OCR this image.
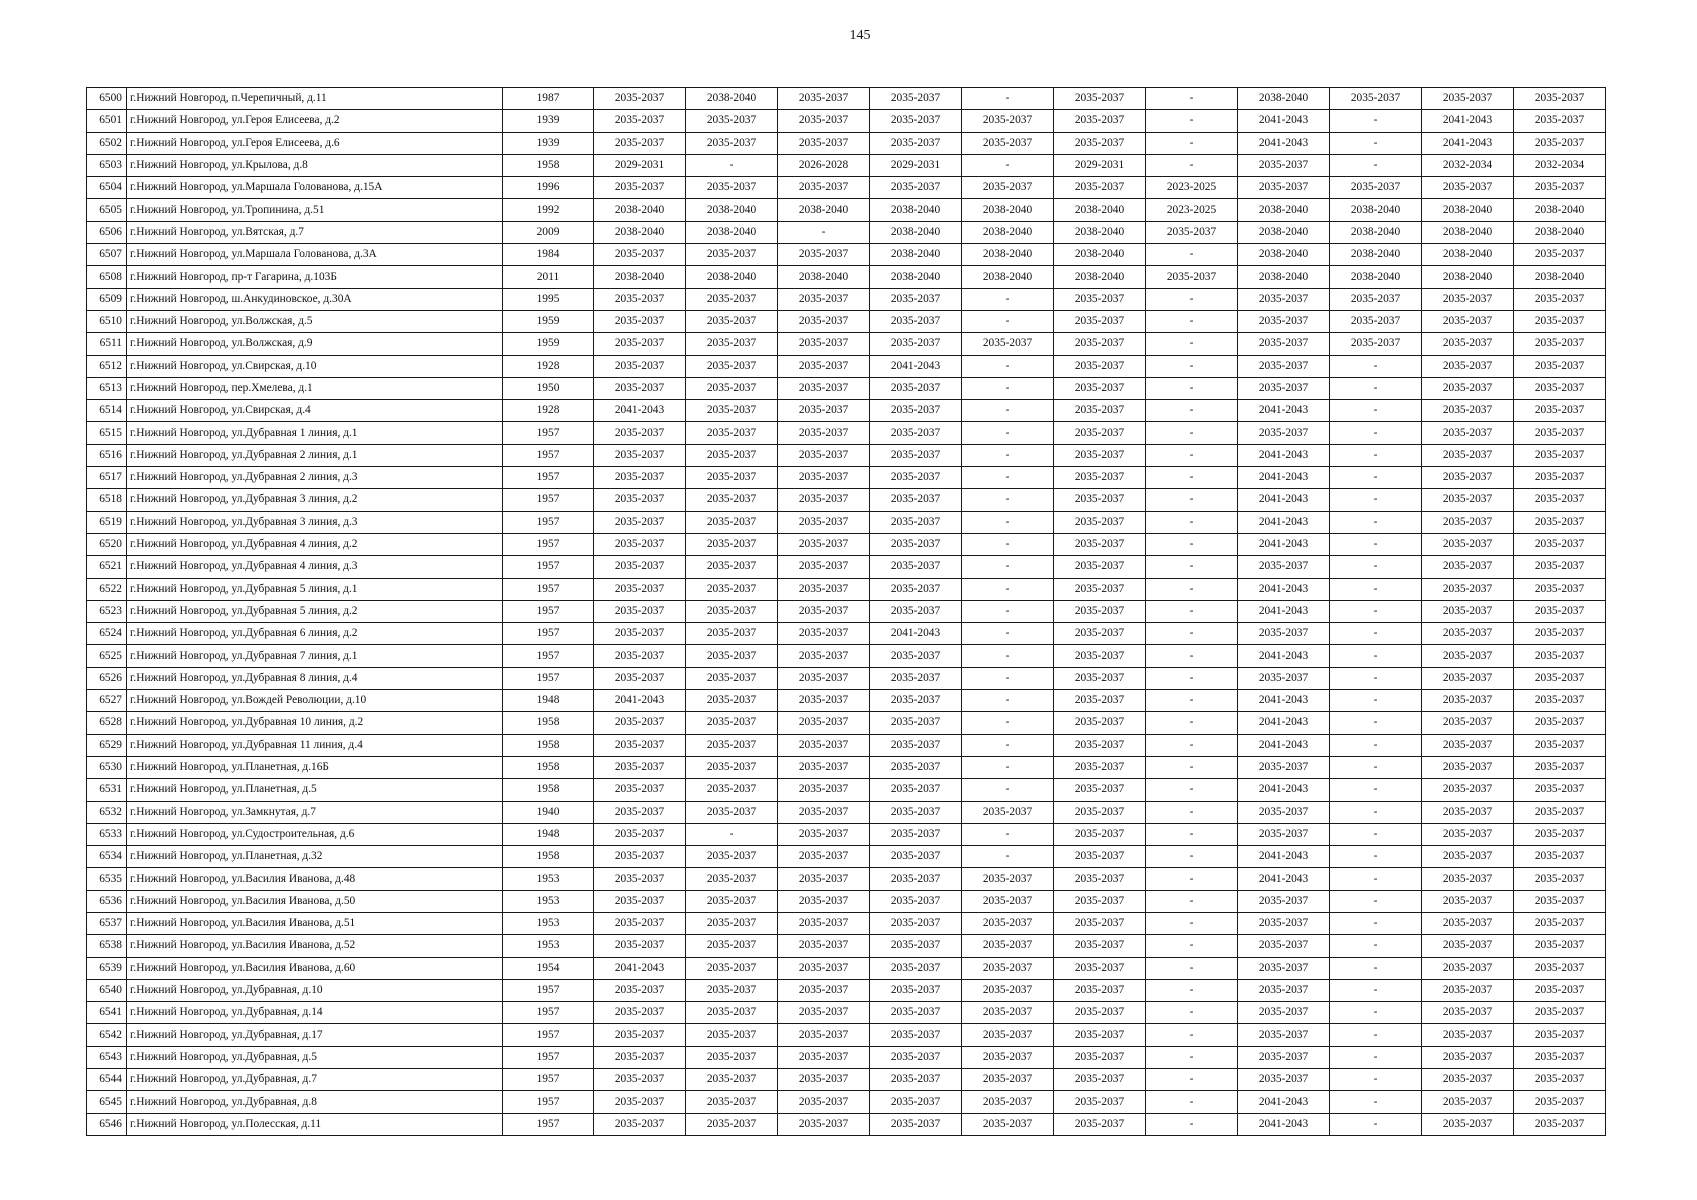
145
6500	г.Нижний Новгород, п.Черепичный, д.11	1987	2035-2037	2038-2040	2035-2037	2035-2037	-	2035-2037	-	2038-2040	2035-2037	2035-2037	2035-2037
6501	г.Нижний Новгород, ул.Героя Елисеева, д.2	1939	2035-2037	2035-2037	2035-2037	2035-2037	2035-2037	2035-2037	-	2041-2043	-	2041-2043	2035-2037
6502	г.Нижний Новгород, ул.Героя Елисеева, д.6	1939	2035-2037	2035-2037	2035-2037	2035-2037	2035-2037	2035-2037	-	2041-2043	-	2041-2043	2035-2037
6503	г.Нижний Новгород, ул.Крылова, д.8	1958	2029-2031	-	2026-2028	2029-2031	-	2029-2031	-	2035-2037	-	2032-2034	2032-2034
6504	г.Нижний Новгород, ул.Маршала Голованова, д.15А	1996	2035-2037	2035-2037	2035-2037	2035-2037	2035-2037	2035-2037	2023-2025	2035-2037	2035-2037	2035-2037	2035-2037
6505	г.Нижний Новгород, ул.Тропинина, д.51	1992	2038-2040	2038-2040	2038-2040	2038-2040	2038-2040	2038-2040	2023-2025	2038-2040	2038-2040	2038-2040	2038-2040
6506	г.Нижний Новгород, ул.Вятская, д.7	2009	2038-2040	2038-2040	-	2038-2040	2038-2040	2038-2040	2035-2037	2038-2040	2038-2040	2038-2040	2038-2040
6507	г.Нижний Новгород, ул.Маршала Голованова, д.3А	1984	2035-2037	2035-2037	2035-2037	2038-2040	2038-2040	2038-2040	-	2038-2040	2038-2040	2038-2040	2035-2037
6508	г.Нижний Новгород, пр-т Гагарина, д.103Б	2011	2038-2040	2038-2040	2038-2040	2038-2040	2038-2040	2038-2040	2035-2037	2038-2040	2038-2040	2038-2040	2038-2040
6509	г.Нижний Новгород, ш.Анкудиновское, д.30А	1995	2035-2037	2035-2037	2035-2037	2035-2037	-	2035-2037	-	2035-2037	2035-2037	2035-2037	2035-2037
6510	г.Нижний Новгород, ул.Волжская, д.5	1959	2035-2037	2035-2037	2035-2037	2035-2037	-	2035-2037	-	2035-2037	2035-2037	2035-2037	2035-2037
6511	г.Нижний Новгород, ул.Волжская, д.9	1959	2035-2037	2035-2037	2035-2037	2035-2037	2035-2037	2035-2037	-	2035-2037	2035-2037	2035-2037	2035-2037
6512	г.Нижний Новгород, ул.Свирская, д.10	1928	2035-2037	2035-2037	2035-2037	2041-2043	-	2035-2037	-	2035-2037	-	2035-2037	2035-2037
6513	г.Нижний Новгород, пер.Хмелева, д.1	1950	2035-2037	2035-2037	2035-2037	2035-2037	-	2035-2037	-	2035-2037	-	2035-2037	2035-2037
6514	г.Нижний Новгород, ул.Свирская, д.4	1928	2041-2043	2035-2037	2035-2037	2035-2037	-	2035-2037	-	2041-2043	-	2035-2037	2035-2037
6515	г.Нижний Новгород, ул.Дубравная 1 линия, д.1	1957	2035-2037	2035-2037	2035-2037	2035-2037	-	2035-2037	-	2035-2037	-	2035-2037	2035-2037
6516	г.Нижний Новгород, ул.Дубравная 2 линия, д.1	1957	2035-2037	2035-2037	2035-2037	2035-2037	-	2035-2037	-	2041-2043	-	2035-2037	2035-2037
6517	г.Нижний Новгород, ул.Дубравная 2 линия, д.3	1957	2035-2037	2035-2037	2035-2037	2035-2037	-	2035-2037	-	2041-2043	-	2035-2037	2035-2037
6518	г.Нижний Новгород, ул.Дубравная 3 линия, д.2	1957	2035-2037	2035-2037	2035-2037	2035-2037	-	2035-2037	-	2041-2043	-	2035-2037	2035-2037
6519	г.Нижний Новгород, ул.Дубравная 3 линия, д.3	1957	2035-2037	2035-2037	2035-2037	2035-2037	-	2035-2037	-	2041-2043	-	2035-2037	2035-2037
6520	г.Нижний Новгород, ул.Дубравная 4 линия, д.2	1957	2035-2037	2035-2037	2035-2037	2035-2037	-	2035-2037	-	2041-2043	-	2035-2037	2035-2037
6521	г.Нижний Новгород, ул.Дубравная 4 линия, д.3	1957	2035-2037	2035-2037	2035-2037	2035-2037	-	2035-2037	-	2035-2037	-	2035-2037	2035-2037
6522	г.Нижний Новгород, ул.Дубравная 5 линия, д.1	1957	2035-2037	2035-2037	2035-2037	2035-2037	-	2035-2037	-	2041-2043	-	2035-2037	2035-2037
6523	г.Нижний Новгород, ул.Дубравная 5 линия, д.2	1957	2035-2037	2035-2037	2035-2037	2035-2037	-	2035-2037	-	2041-2043	-	2035-2037	2035-2037
6524	г.Нижний Новгород, ул.Дубравная 6 линия, д.2	1957	2035-2037	2035-2037	2035-2037	2041-2043	-	2035-2037	-	2035-2037	-	2035-2037	2035-2037
6525	г.Нижний Новгород, ул.Дубравная 7 линия, д.1	1957	2035-2037	2035-2037	2035-2037	2035-2037	-	2035-2037	-	2041-2043	-	2035-2037	2035-2037
6526	г.Нижний Новгород, ул.Дубравная 8 линия, д.4	1957	2035-2037	2035-2037	2035-2037	2035-2037	-	2035-2037	-	2035-2037	-	2035-2037	2035-2037
6527	г.Нижний Новгород, ул.Вождей Революции, д.10	1948	2041-2043	2035-2037	2035-2037	2035-2037	-	2035-2037	-	2041-2043	-	2035-2037	2035-2037
6528	г.Нижний Новгород, ул.Дубравная 10 линия, д.2	1958	2035-2037	2035-2037	2035-2037	2035-2037	-	2035-2037	-	2041-2043	-	2035-2037	2035-2037
6529	г.Нижний Новгород, ул.Дубравная 11 линия, д.4	1958	2035-2037	2035-2037	2035-2037	2035-2037	-	2035-2037	-	2041-2043	-	2035-2037	2035-2037
6530	г.Нижний Новгород, ул.Планетная, д.16Б	1958	2035-2037	2035-2037	2035-2037	2035-2037	-	2035-2037	-	2035-2037	-	2035-2037	2035-2037
6531	г.Нижний Новгород, ул.Планетная, д.5	1958	2035-2037	2035-2037	2035-2037	2035-2037	-	2035-2037	-	2041-2043	-	2035-2037	2035-2037
6532	г.Нижний Новгород, ул.Замкнутая, д.7	1940	2035-2037	2035-2037	2035-2037	2035-2037	2035-2037	2035-2037	-	2035-2037	-	2035-2037	2035-2037
6533	г.Нижний Новгород, ул.Судостроительная, д.6	1948	2035-2037	-	2035-2037	2035-2037	-	2035-2037	-	2035-2037	-	2035-2037	2035-2037
6534	г.Нижний Новгород, ул.Планетная, д.32	1958	2035-2037	2035-2037	2035-2037	2035-2037	-	2035-2037	-	2041-2043	-	2035-2037	2035-2037
6535	г.Нижний Новгород, ул.Василия Иванова, д.48	1953	2035-2037	2035-2037	2035-2037	2035-2037	2035-2037	2035-2037	-	2041-2043	-	2035-2037	2035-2037
6536	г.Нижний Новгород, ул.Василия Иванова, д.50	1953	2035-2037	2035-2037	2035-2037	2035-2037	2035-2037	2035-2037	-	2035-2037	-	2035-2037	2035-2037
6537	г.Нижний Новгород, ул.Василия Иванова, д.51	1953	2035-2037	2035-2037	2035-2037	2035-2037	2035-2037	2035-2037	-	2035-2037	-	2035-2037	2035-2037
6538	г.Нижний Новгород, ул.Василия Иванова, д.52	1953	2035-2037	2035-2037	2035-2037	2035-2037	2035-2037	2035-2037	-	2035-2037	-	2035-2037	2035-2037
6539	г.Нижний Новгород, ул.Василия Иванова, д.60	1954	2041-2043	2035-2037	2035-2037	2035-2037	2035-2037	2035-2037	-	2035-2037	-	2035-2037	2035-2037
6540	г.Нижний Новгород, ул.Дубравная, д.10	1957	2035-2037	2035-2037	2035-2037	2035-2037	2035-2037	2035-2037	-	2035-2037	-	2035-2037	2035-2037
6541	г.Нижний Новгород, ул.Дубравная, д.14	1957	2035-2037	2035-2037	2035-2037	2035-2037	2035-2037	2035-2037	-	2035-2037	-	2035-2037	2035-2037
6542	г.Нижний Новгород, ул.Дубравная, д.17	1957	2035-2037	2035-2037	2035-2037	2035-2037	2035-2037	2035-2037	-	2035-2037	-	2035-2037	2035-2037
6543	г.Нижний Новгород, ул.Дубравная, д.5	1957	2035-2037	2035-2037	2035-2037	2035-2037	2035-2037	2035-2037	-	2035-2037	-	2035-2037	2035-2037
6544	г.Нижний Новгород, ул.Дубравная, д.7	1957	2035-2037	2035-2037	2035-2037	2035-2037	2035-2037	2035-2037	-	2035-2037	-	2035-2037	2035-2037
6545	г.Нижний Новгород, ул.Дубравная, д.8	1957	2035-2037	2035-2037	2035-2037	2035-2037	2035-2037	2035-2037	-	2041-2043	-	2035-2037	2035-2037
6546	г.Нижний Новгород, ул.Полесская, д.11	1957	2035-2037	2035-2037	2035-2037	2035-2037	2035-2037	2035-2037	-	2041-2043	-	2035-2037	2035-2037
